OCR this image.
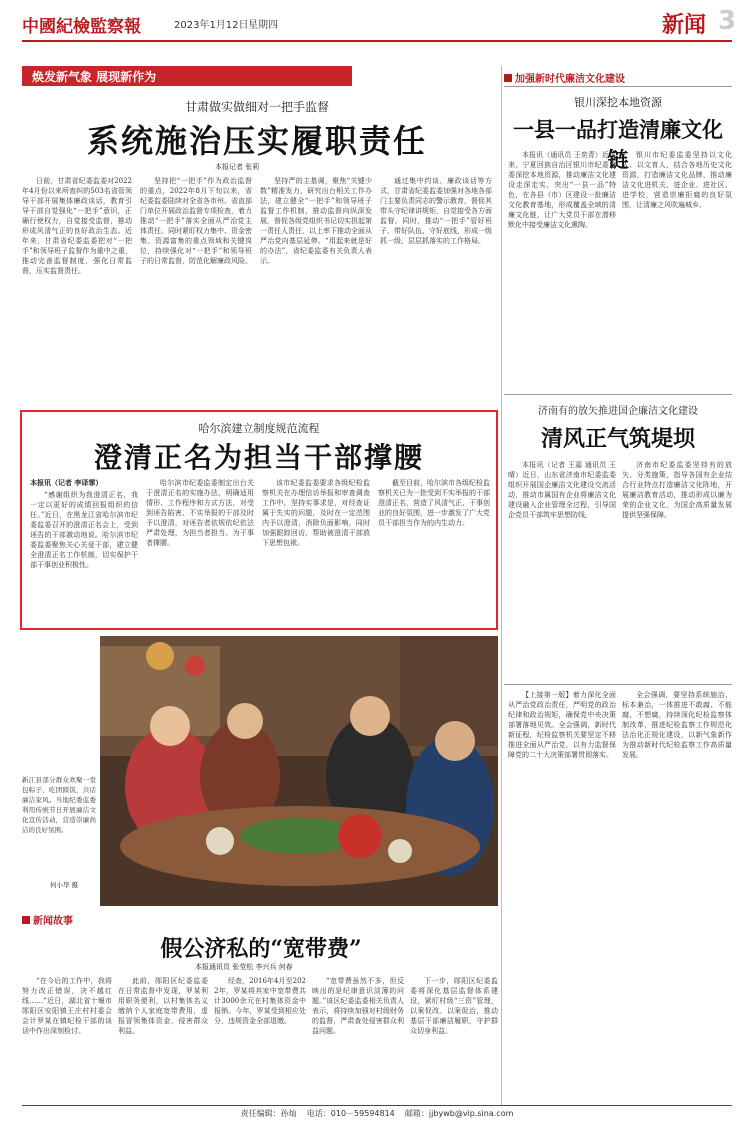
中國紀檢監察報	2023年1月12日 星期四	新闻 3
焕发新气象 展现新作为
甘肃做实做细对一把手监督
系统施治压实履职责任
本报记者 张莉

日前，甘肃省纪委监委对2022年4月份以来所查纠的503名省管领导干部开展集体廉政谈话，教育引导干部自觉强化“一把手”意识，正确行使权力，自觉接受监督，推动形成风清气正的良好政治生态。近年来，甘肃省纪委监委把对“一把手”和领导班子监督作为重中之重，推动完善监督制度，强化日常监督，压实监督责任。

坚持把“一把手”作为政治监督的重点，2022年8月下旬以来，省纪委监委陆续对全省各市州、省直部门单位开展政治监督专项检查，着力推动“一把手”落实全面从严治党主体责任。同时紧盯权力集中、资金密集、资源富集的重点领域和关键岗位，持续强化对“一把手”和领导班子的日常监督，防范化解廉政风险。

坚持严的主基调，聚焦“关键少数”精准发力，研究出台相关工作办法，建立健全“一把手”和领导班子监督工作机制，推动监督向纵深发展，督促各级党组织书记切实担起第一责任人责任，以上率下推动全面从严治党向基层延伸。“用起来就是好的办法”，省纪委监委有关负责人表示。

通过集中约谈、廉政谈话等方式，甘肃省纪委监委加强对各地各部门主要负责同志的警示教育，督促其带头守纪律讲规矩，自觉接受各方面监督。同时，推动“一把手”管好班子、带好队伍、守好底线，形成一级抓一级、层层抓落实的工作格局。

哈尔滨建立制度规范流程
澄清正名为担当干部撑腰
本报讯（记者 李译霏）

“感谢组织为我澄清正名，我一定以更好的成绩回报组织的信任。”近日，在黑龙江省哈尔滨市纪委监委召开的澄清正名会上，受到诬告的干部激动地说。哈尔滨市纪委监委聚焦关心关爱干部，建立健全澄清正名工作机制，切实保护干部干事创业积极性。

哈尔滨市纪委监委制定出台关于澄清正名的实施办法，明确适用情形、工作程序和方式方法，对受到诬告陷害、不实举报的干部及时予以澄清，对诬告者依规依纪依法严肃处理，为担当者担当、为干事者撑腰。

该市纪委监委要求各级纪检监察机关在办理信访举报和审查调查工作中，坚持实事求是，对经查证属于失实的问题，及时在一定范围内予以澄清，消除负面影响，同时加强跟踪回访，帮助被澄清干部放下思想包袱。

截至目前，哈尔滨市各级纪检监察机关已为一批受到不实举报的干部澄清正名，营造了风清气正、干事创业的良好氛围，进一步激发了广大党员干部担当作为的内生动力。

新江县部分群众欢聚一堂包粽子、吃团圆饭，共话廉洁家风。当地纪委监委利用传统节日开展廉洁文化宣传活动，营造崇廉尚洁的良好氛围。

何小华 摄
加强新时代廉洁文化建设
银川深挖本地资源
一县一品打造清廉文化链

本报讯（通讯员 王奕青）近年来，宁夏回族自治区银川市纪委监委深挖本地资源，推动廉洁文化建设走深走实，突出“一县一品”特色，在各县（市）区建设一批廉洁文化教育基地，形成覆盖全域的清廉文化链，让广大党员干部在潜移默化中接受廉洁文化熏陶。

银川市纪委监委坚持以文化人、以文育人，结合各地历史文化资源，打造廉洁文化品牌，推动廉洁文化进机关、进企业、进社区、进学校，营造崇廉拒腐的良好氛围，让清廉之风吹遍城乡。

济南有的放矢推进国企廉洁文化建设
清风正气筑堤坝

本报讯（记者 王嘉 通讯员 王晴）近日，山东省济南市纪委监委组织开展国企廉洁文化建设交流活动，推动市属国有企业将廉洁文化建设融入企业管理全过程，引导国企党员干部筑牢思想防线。

济南市纪委监委坚持有的放矢、分类施策，指导各国有企业结合行业特点打造廉洁文化阵地，开展廉洁教育活动，推动形成以廉为荣的企业文化，为国企高质量发展提供坚强保障。

【上接第一版】着力深化全面从严治党政治责任，严明党的政治纪律和政治规矩，确保党中央决策部署落地见效。全会强调，新时代新征程，纪检监察机关要坚定不移推进全面从严治党，以有力监督保障党的二十大决策部署贯彻落实。

全会强调，要坚持系统施治、标本兼治，一体推进不敢腐、不能腐、不想腐，持续深化纪检监察体制改革，推进纪检监察工作规范化法治化正规化建设，以新气象新作为推动新时代纪检监察工作高质量发展。

新闻故事
假公济私的“宽带费”
本报通讯员 张莹松 李兴兵 何春

“在今后的工作中，我将努力改正错误，决不越红线……”近日，湖北省十堰市郧阳区安阳镇王庄村村委会会计罗某在镇纪检干部的谈话中作出深刻检讨。

此前，郧阳区纪委监委在日常监督中发现，罗某利用职务便利，以村集体名义缴纳个人家庭宽带费用，虚报冒领集体资金，侵害群众利益。

经查，2016年4月至2022年，罗某将其家中宽带费共计3000余元在村集体资金中报销。今年，罗某受到相应处分，违规资金全部退缴。

“宽带费虽然不多，但反映出的是纪律意识淡薄的问题。”该区纪委监委相关负责人表示，将持续加强对村级财务的监督，严肃查处侵害群众利益问题。

下一步，郧阳区纪委监委将深化基层监督体系建设，紧盯村级“三资”管理，以案促改、以案促治，推动基层干部廉洁履职，守护群众切身利益。

责任编辑：孙灿 电话：010－59594814 邮箱：jjbywb@vip.sina.com
